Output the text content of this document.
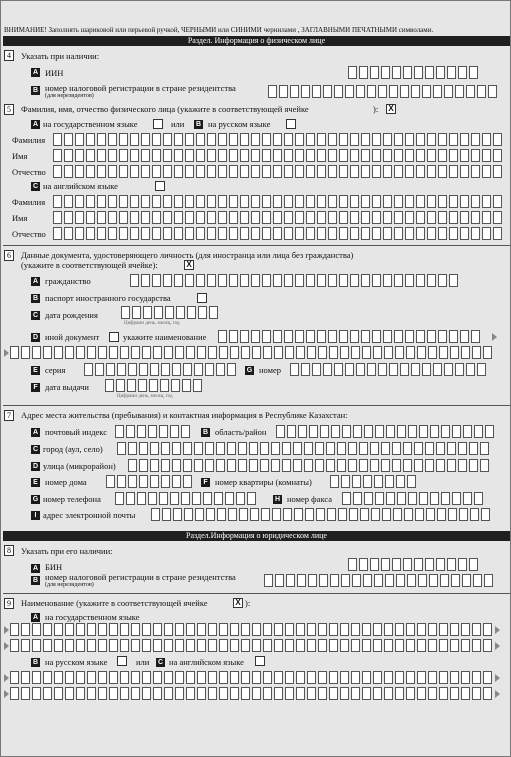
ВНИМАНИЕ! Заполнять шариковой или перьевой ручкой, ЧЕРНЫМИ или СИНИМИ чернилами , ЗАГЛАВНЫМИ ПЕЧАТНЫМИ символами.
Раздел. Информация о физическом лице
4	Указать при наличии:
A ИИН
B номер налоговой регистрации в стране резидентства
(для нерезидентов)
5	Фамилия, имя, отчество физического лица (укажите в соответствующей ячейке	): X
A на государственном языке	или B на русском языке
Фамилия
Имя
Отчество
C на английском языке
Фамилия
Имя
Отчество
6	Данные документа, удостоверяющего личность (для иностранца или лица без гражданства)
(укажите в соответствующей ячейке):	X
A гражданство
B паспорт иностранного государства
C дата рождения
Цифрами день, месяц, год
D иной документ	укажите наименование
E серия	G номер
F дата выдачи
Цифрами день, месяц, год
7	Адрес места жительства (пребывания) и контактная информация в Республике Казахстан:
A почтовый индекс	B область/район
C город (аул, село)
D улица (микрорайон)
E номер дома	F номер квартиры (комнаты)
G номер телефона	H номер факса
I адрес электронной почты
Раздел.Информация о юридическом лице
8	Указать при его наличии:
A БИН
B номер налоговой регистрации в стране резидентства
(для нерезидентов)
9	Наименование (укажите в соответствующей ячейке	X ):
A на государственном языке
B на русском языке	или C на английском языке
